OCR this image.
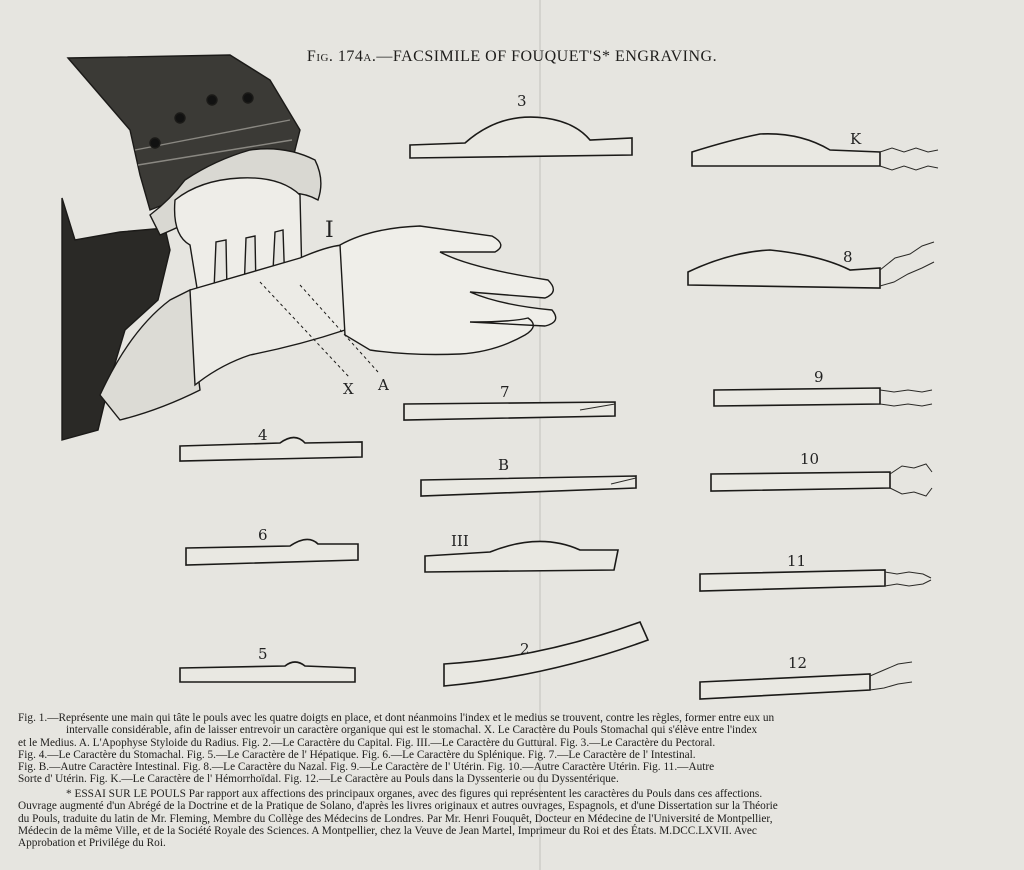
Fig. 174a.—FACSIMILE OF FOUQUET'S* ENGRAVING.
I
X A
3
K
8
7
9
4
B	10
6	III
11
5	2
12

Fig. 1.—Représente une main qui tâte le pouls avec les quatre doigts en place, et dont néanmoins l'index et le medius se trouvent, contre les règles, former entre eux un

intervalle considérable, afin de laisser entrevoir un caractère organique qui est le stomachal. X. Le Caractère du Pouls Stomachal qui s'élève entre l'index

et le Medius. A. L'Apophyse Styloide du Radius. Fig. 2.—Le Caractère du Capital. Fig. III.—Le Caractère du Guttural. Fig. 3.—Le Caractère du Pectoral.

Fig. 4.—Le Caractère du Stomachal. Fig. 5.—Le Caractère de l' Hépatique. Fig. 6.—Le Caractère du Splénique. Fig. 7.—Le Caractère de l' Intestinal.

Fig. B.—Autre Caractère Intestinal. Fig. 8.—Le Caractère du Nazal. Fig. 9.—Le Caractère de l' Utérin. Fig. 10.—Autre Caractère Utérin. Fig. 11.—Autre

Sorte d' Utérin. Fig. K.—Le Caractère de l' Hémorrhoïdal. Fig. 12.—Le Caractère au Pouls dans la Dyssenterie ou du Dyssentérique.

* ESSAI SUR LE POULS Par rapport aux affections des principaux organes, avec des figures qui représentent les caractères du Pouls dans ces affections.

Ouvrage augmenté d'un Abrégé de la Doctrine et de la Pratique de Solano, d'après les livres originaux et autres ouvrages, Espagnols, et d'une Dissertation sur la Théorie

du Pouls, traduite du latin de Mr. Fleming, Membre du Collège des Médecins de Londres. Par Mr. Henri Fouquêt, Docteur en Médecine de l'Université de Montpellier,

Médecin de la même Ville, et de la Société Royale des Sciences. A Montpellier, chez la Veuve de Jean Martel, Imprimeur du Roi et des États. M.DCC.LXVII. Avec

Approbation et Privilége du Roi.
